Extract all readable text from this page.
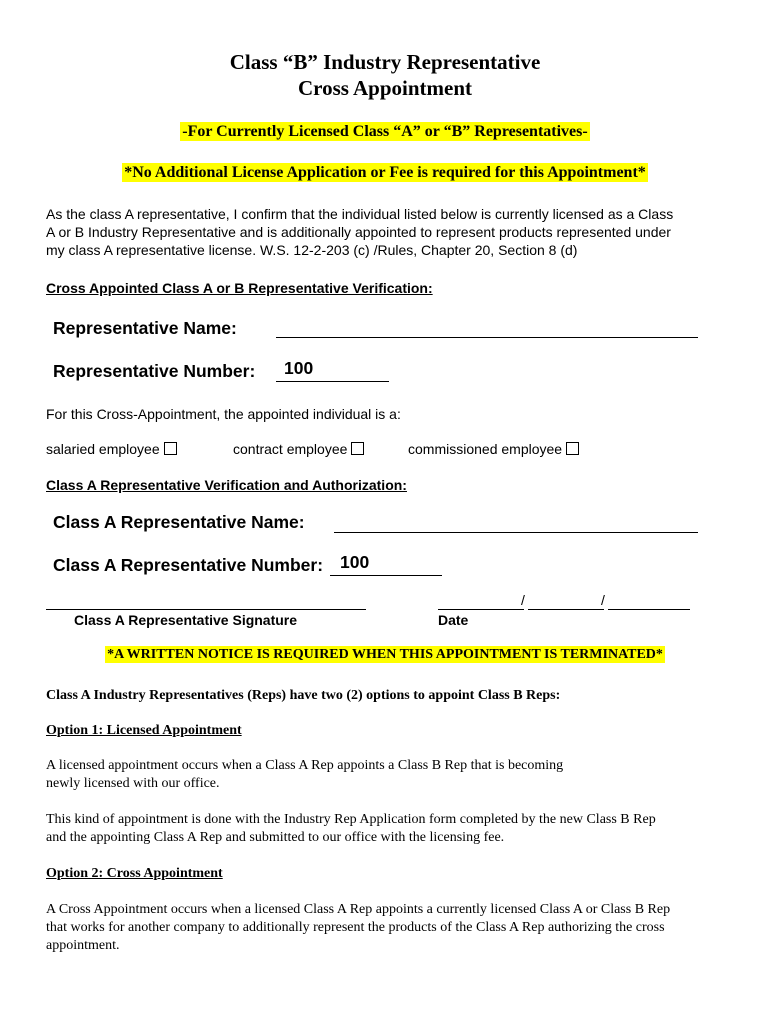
Class “B” Industry Representative
Cross Appointment
-For Currently Licensed Class “A” or “B” Representatives-
*No Additional License Application or Fee is required for this Appointment*
As the class A representative, I confirm that the individual listed below is currently licensed as a Class
A or B Industry Representative and is additionally appointed to represent products represented under
my class A representative license. W.S. 12-2-203 (c) /Rules, Chapter 20, Section 8 (d)
Cross Appointed Class A or B Representative Verification:
Representative Name:
Representative Number: 100
For this Cross-Appointment, the appointed individual is a:
salaried employee	contract employee	commissioned employee
Class A Representative Verification and Authorization:
Class A Representative Name:
Class A Representative Number: 100
Class A Representative Signature
/	/
Date
*A WRITTEN NOTICE IS REQUIRED WHEN THIS APPOINTMENT IS TERMINATED*
Class A Industry Representatives (Reps) have two (2) options to appoint Class B Reps:
Option 1: Licensed Appointment
A licensed appointment occurs when a Class A Rep appoints a Class B Rep that is becoming
newly licensed with our office.
This kind of appointment is done with the Industry Rep Application form completed by the new Class B Rep
and the appointing Class A Rep and submitted to our office with the licensing fee.
Option 2: Cross Appointment
A Cross Appointment occurs when a licensed Class A Rep appoints a currently licensed Class A or Class B Rep
that works for another company to additionally represent the products of the Class A Rep authorizing the cross
appointment.
